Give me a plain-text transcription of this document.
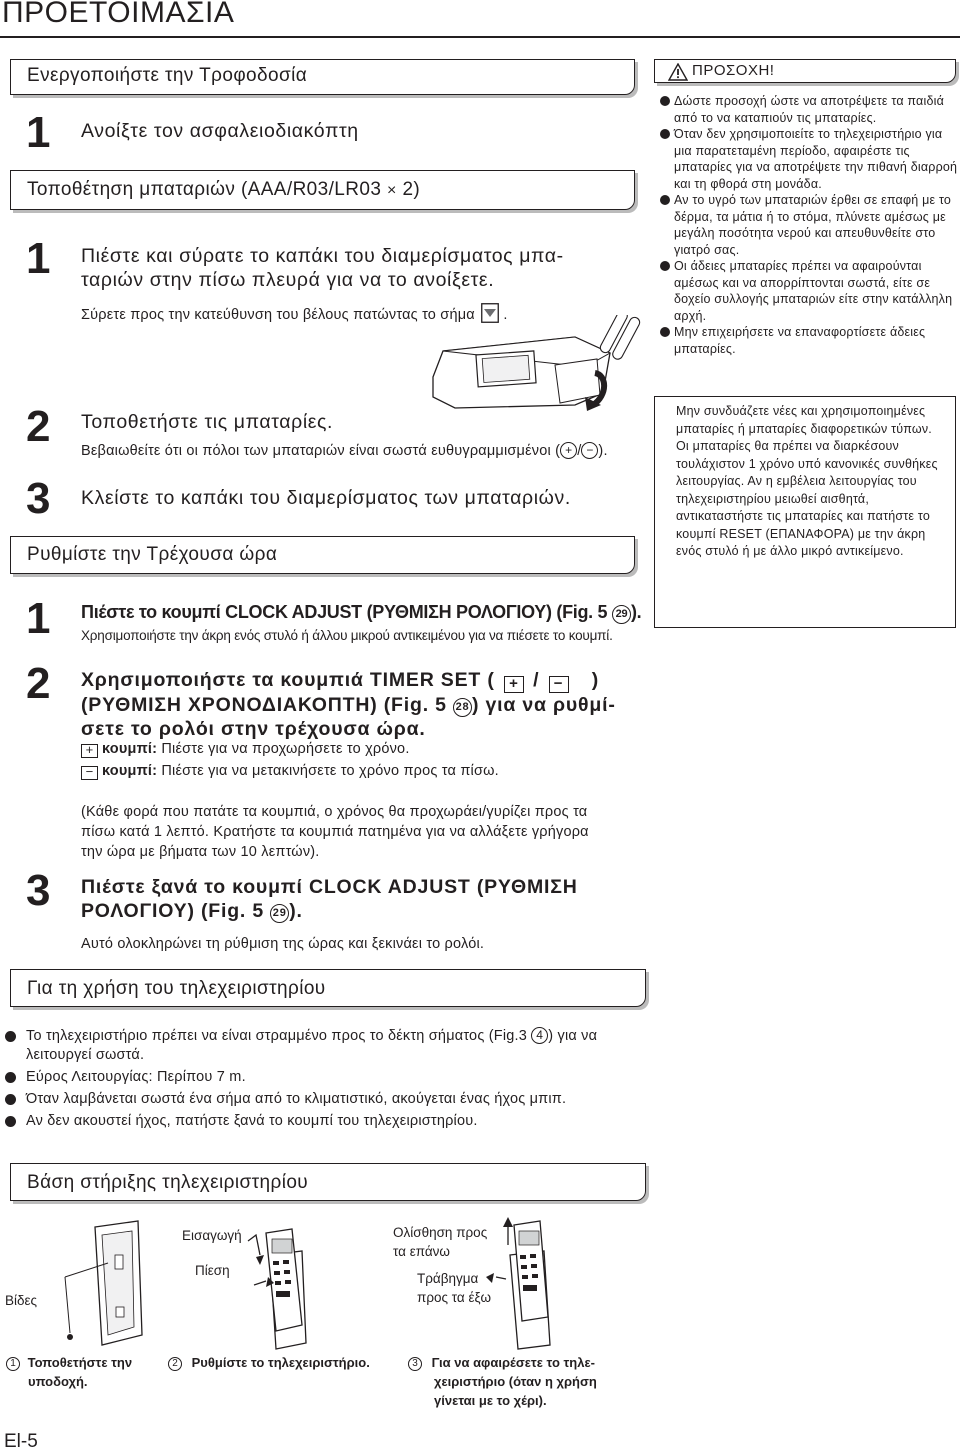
ΠΡΟΕΤΟΙΜΑΣΙΑ
Ενεργοποιήστε την Τροφοδοσία
1 Ανοίξτε τον ασφαλειοδιακόπτη
Τοποθέτηση μπαταριών (AAA/R03/LR03 × 2)
1 Πιέστε και σύρατε το καπάκι του διαμερίσματος μπα-
ταριών στην πίσω πλευρά για να το ανοίξετε.
Σύρετε προς την κατεύθυνση του βέλους πατώντας το σήμα .
2 Τοποθετήστε τις μπαταρίες.
Βεβαιωθείτε ότι οι πόλοι των μπαταριών είναι σωστά ευθυγραμμισμένοι ( + / − ).
3 Κλείστε το καπάκι του διαμερίσματος των μπαταριών.
Ρυθμίστε την Τρέχουσα ώρα
1 Πιέστε το κουμπί CLOCK ADJUST (ΡΥΘΜΙΣΗ ΡΟΛΟΓΙΟΥ) (Fig. 5 29 ).
Χρησιμοποιήστε την άκρη ενός στυλό ή άλλου μικρού αντικειμένου για να πιέσετε το κουμπί.
2 Χρησιμοποιήστε τα κουμπιά TIMER SET ( + / − )
(ΡΥΘΜΙΣΗ ΧΡΟΝΟΔΙΑΚΟΠΤΗ) (Fig. 5 28 ) για να ρυθμί-
σετε το ρολόι στην τρέχουσα ώρα.
+ κουμπί: Πιέστε για να προχωρήσετε το χρόνο.
− κουμπί: Πιέστε για να μετακινήσετε το χρόνο προς τα πίσω.
(Κάθε φορά που πατάτε τα κουμπιά, ο χρόνος θα προχωράει/γυρίζει προς τα
πίσω κατά 1 λεπτό. Κρατήστε τα κουμπιά πατημένα για να αλλάξετε γρήγορα
την ώρα με βήματα των 10 λεπτών).
3 Πιέστε ξανά το κουμπί CLOCK ADJUST (ΡΥΘΜΙΣΗ
ΡΟΛΟΓΙΟΥ) (Fig. 5 29 ).
Αυτό ολοκληρώνει τη ρύθμιση της ώρας και ξεκινάει το ρολόι.
ΠΡΟΣΟΧΗ!
Δώστε προσοχή ώστε να αποτρέψετε τα παιδιά από το να καταπιούν τις μπαταρίες.
Όταν δεν χρησιμοποιείτε το τηλεχειριστήριο για μια παρατεταμένη περίοδο, αφαιρέστε τις μπαταρίες για να αποτρέψετε την πιθανή διαρροή και τη φθορά στη μονάδα.
Αν το υγρό των μπαταριών έρθει σε επαφή με το δέρμα, τα μάτια ή το στόμα, πλύνετε αμέσως με μεγάλη ποσότητα νερού και απευθυνθείτε στο γιατρό σας.
Οι άδειες μπαταρίες πρέπει να αφαιρούνται αμέσως και να απορρίπτονται σωστά, είτε σε δοχείο συλλογής μπαταριών είτε στην κατάλληλη αρχή.
Μην επιχειρήσετε να επαναφορτίσετε άδειες μπαταρίες.
Μην συνδυάζετε νέες και χρησιμοποιημένες μπαταρίες ή μπαταρίες διαφορετικών τύπων.
Οι μπαταρίες θα πρέπει να διαρκέσουν τουλάχιστον 1 χρόνο υπό κανονικές συνθήκες λειτουργίας. Αν η εμβέλεια λειτουργίας του τηλεχειριστηρίου μειωθεί αισθητά, αντικαταστήστε τις μπαταρίες και πατήστε το κουμπί RESET (ΕΠΑΝΑΦΟΡΑ) με την άκρη ενός στυλό ή με άλλο μικρό αντικείμενο.
Για τη χρήση του τηλεχειριστηρίου
Το τηλεχειριστήριο πρέπει να είναι στραμμένο προς το δέκτη σήματος (Fig.3 4 ) για να λειτουργεί σωστά.
Εύρος Λειτουργίας: Περίπου 7 m.
Όταν λαμβάνεται σωστά ένα σήμα από το κλιματιστικό, ακούγεται ένας ήχος μπιπ.
Αν δεν ακουστεί ήχος, πατήστε ξανά το κουμπί του τηλεχειριστηρίου.
Βάση στήριξης τηλεχειριστηρίου
Εισαγωγή
Πίεση
Ολίσθηση προς
τα επάνω
Τράβηγμα
προς τα έξω
Βίδες
1 Τοποθετήστε την
υποδοχή.
2 Ρυθμίστε το τηλεχειριστήριο.	3 Για να αφαιρέσετε το τηλε-
χειριστήριο (όταν η χρήση
γίνεται με το χέρι).
El-5
